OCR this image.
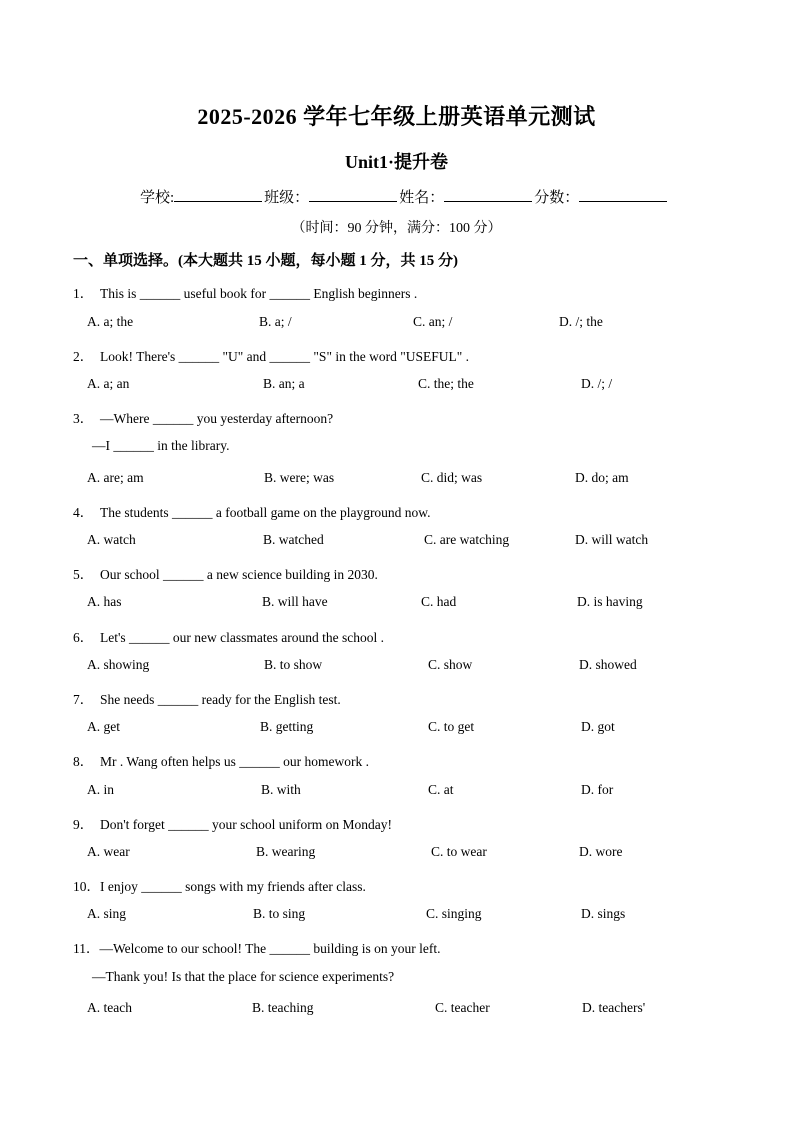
2025-2026 学年七年级上册英语单元测试
Unit1·提升卷
学校:	班级：	姓名：	分数：
（时间：90 分钟，满分：100 分）
一、单项选择。(本大题共 15 小题，每小题 1 分，共 15 分)
1． This is ______ useful book for ______ English beginners .
A. a; the	B. a; /	C. an; /	D. /; the
2． Look! There's ______ "U" and ______ "S" in the word "USEFUL" .
A. a; an	B. an; a	C. the; the	D. /; /
3． —Where ______ you yesterday afternoon?
—I ______ in the library.
A. are; am	B. were; was	C. did; was	D. do; am
4． The students ______ a football game on the playground now.
A. watch	B. watched	C. are watching	D. will watch
5． Our school ______ a new science building in 2030.
A. has	B. will have	C. had	D. is having
6． Let's ______ our new classmates around the school .
A. showing	B. to show	C. show	D. showed
7． She needs ______ ready for the English test.
A. get	B. getting	C. to get	D. got
8． Mr . Wang often helps us ______ our homework .
A. in	B. with	C. at	D. for
9． Don't forget ______ your school uniform on Monday!
A. wear	B. wearing	C. to wear	D. wore
10．I enjoy ______ songs with my friends after class.
A. sing	B. to sing	C. singing	D. sings
11．—Welcome to our school! The ______ building is on your left.
—Thank you! Is that the place for science experiments?
A. teach	B. teaching	C. teacher	D. teachers'
